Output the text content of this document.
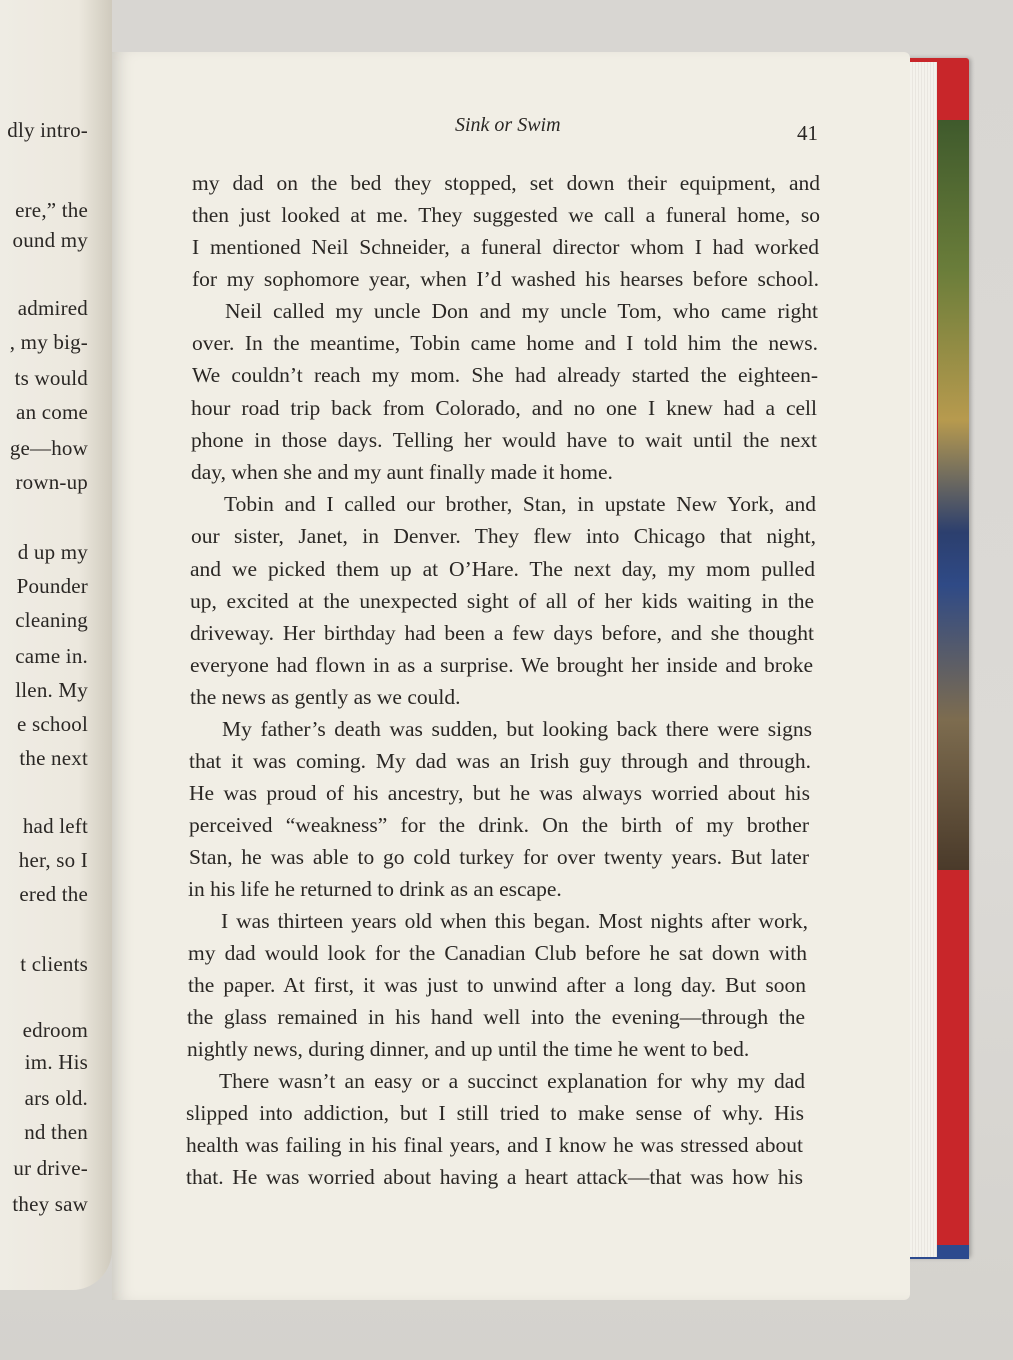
dly intro-
ere,” the
ound my
admired
, my big-
ts would
an come
ge—how
rown-up
d up my
Pounder
cleaning
came in.
llen. My
e school
the next
had left
her, so I
ered the
t clients
edroom
im. His
ars old.
nd then
ur drive-
they saw
Sink or Swim	41
my dad on the bed they stopped, set down their equipment, and
then just looked at me. They suggested we call a funeral home, so
I mentioned Neil Schneider, a funeral director whom I had worked
for my sophomore year, when I’d washed his hearses before school.
Neil called my uncle Don and my uncle Tom, who came right
over. In the meantime, Tobin came home and I told him the news.
We couldn’t reach my mom. She had already started the eighteen-
hour road trip back from Colorado, and no one I knew had a cell
phone in those days. Telling her would have to wait until the next
day, when she and my aunt finally made it home.
Tobin and I called our brother, Stan, in upstate New York, and
our sister, Janet, in Denver. They flew into Chicago that night,
and we picked them up at O’Hare. The next day, my mom pulled
up, excited at the unexpected sight of all of her kids waiting in the
driveway. Her birthday had been a few days before, and she thought
everyone had flown in as a surprise. We brought her inside and broke
the news as gently as we could.
My father’s death was sudden, but looking back there were signs
that it was coming. My dad was an Irish guy through and through.
He was proud of his ancestry, but he was always worried about his
perceived “weakness” for the drink. On the birth of my brother
Stan, he was able to go cold turkey for over twenty years. But later
in his life he returned to drink as an escape.
I was thirteen years old when this began. Most nights after work,
my dad would look for the Canadian Club before he sat down with
the paper. At first, it was just to unwind after a long day. But soon
the glass remained in his hand well into the evening—through the
nightly news, during dinner, and up until the time he went to bed.
There wasn’t an easy or a succinct explanation for why my dad
slipped into addiction, but I still tried to make sense of why. His
health was failing in his final years, and I know he was stressed about
that. He was worried about having a heart attack—that was how his
